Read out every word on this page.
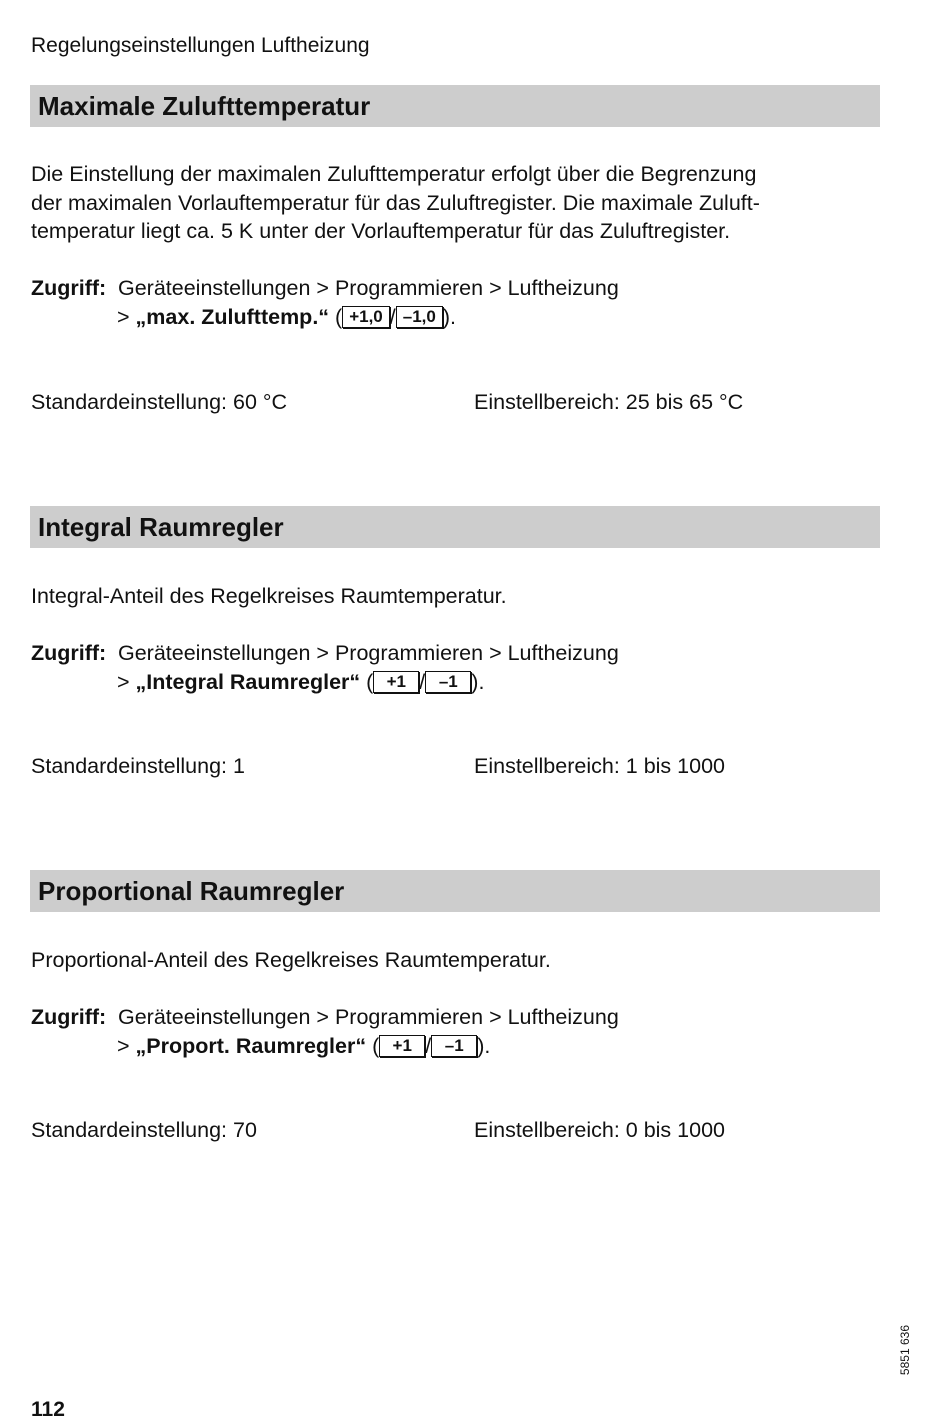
Regelungseinstellungen Luftheizung
Maximale Zulufttemperatur
Die Einstellung der maximalen Zulufttemperatur erfolgt über die Begrenzung
der maximalen Vorlauftemperatur für das Zuluftregister. Die maximale Zuluft-
temperatur liegt ca. 5 K unter der Vorlauftemperatur für das Zuluftregister.
Zugriff: Geräteeinstellungen > Programmieren > Luftheizung
> „max. Zulufttemp.“ ( +1,0 / –1,0 ).
Standardeinstellung: 60 °C	Einstellbereich: 25 bis 65 °C
Integral Raumregler
Integral-Anteil des Regelkreises Raumtemperatur.
Zugriff: Geräteeinstellungen > Programmieren > Luftheizung
> „Integral Raumregler“ ( +1 / –1 ).
Standardeinstellung: 1	Einstellbereich: 1 bis 1000
Proportional Raumregler
Proportional-Anteil des Regelkreises Raumtemperatur.
Zugriff: Geräteeinstellungen > Programmieren > Luftheizung
> „Proport. Raumregler“ ( +1 / –1 ).
Standardeinstellung: 70	Einstellbereich: 0 bis 1000
5851 636
112
